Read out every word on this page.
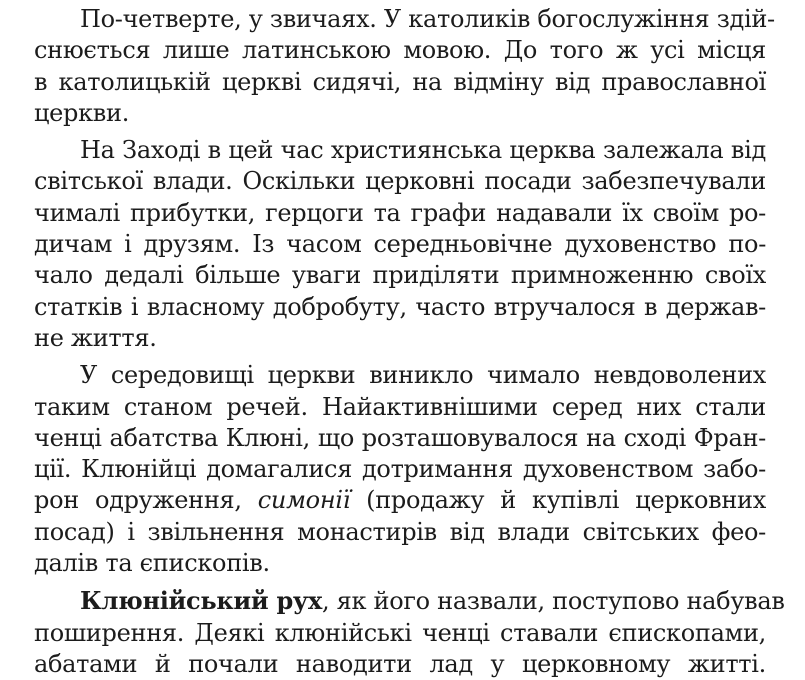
По-четверте, у звичаях. У католиків богослужіння здій-
снюється лише латинською мовою. До того ж усі місця
в католицькій церкві сидячі, на відміну від православної
церкви.
На Заході в цей час християнська церква залежала від
світської влади. Оскільки церковні посади забезпечували
чималі прибутки, герцоги та графи надавали їх своїм ро-
дичам і друзям. Із часом середньовічне духовенство по-
чало дедалі більше уваги приділяти примноженню своїх
статків і власному добробуту, часто втручалося в держав-
не життя.
У середовищі церкви виникло чимало невдоволених
таким станом речей. Найактивнішими серед них стали
ченці абатства Клюні, що розташовувалося на сході Фран-
ції. Клюнійці домагалися дотримання духовенством забо-
рон одруження, симонії (продажу й купівлі церковних
посад) і звільнення монастирів від влади світських фео-
далів та єпископів.
Клюнійський рух, як його назвали, поступово набував
поширення. Деякі клюнійські ченці ставали єпископами,
абатами й почали наводити лад у церковному житті.
